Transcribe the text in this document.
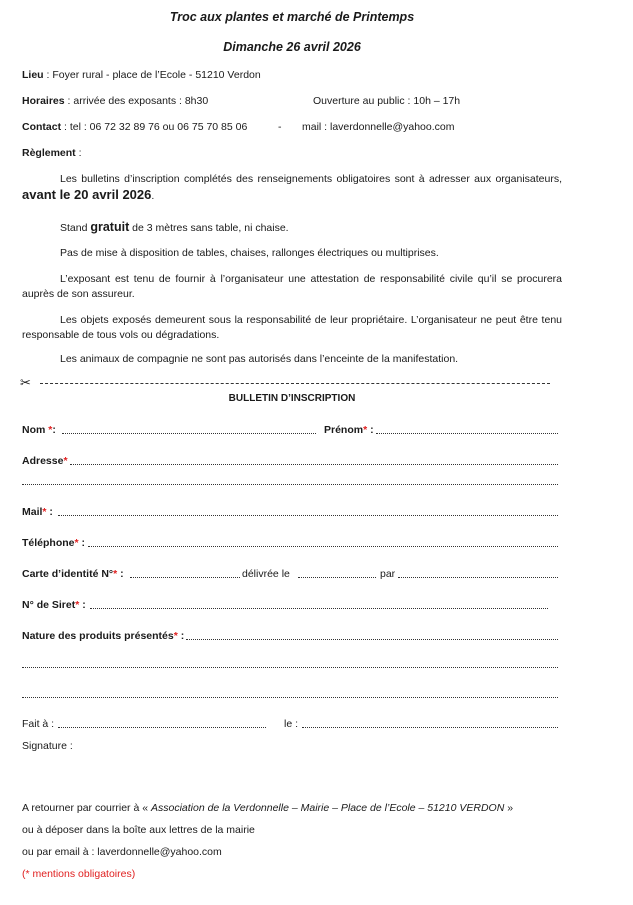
Troc aux plantes et marché de Printemps
Dimanche 26 avril 2026
Lieu : Foyer rural - place de l’Ecole - 51210 Verdon
Horaires : arrivée des exposants : 8h30	Ouverture au public : 10h – 17h
Contact : tel : 06 72 32 89 76 ou 06 75 70 85 06	- mail : laverdonnelle@yahoo.com
Règlement :
Les bulletins d’inscription complétés des renseignements obligatoires sont à adresser aux organisateurs, avant le 20 avril 2026.
Stand gratuit de 3 mètres sans table, ni chaise.
Pas de mise à disposition de tables, chaises, rallonges électriques ou multiprises.
L’exposant est tenu de fournir à l’organisateur une attestation de responsabilité civile qu’il se procurera auprès de son assureur.
Les objets exposés demeurent sous la responsabilité de leur propriétaire. L’organisateur ne peut être tenu responsable de tous vols ou dégradations.
Les animaux de compagnie ne sont pas autorisés dans l’enceinte de la manifestation.
✂
BULLETIN D’INSCRIPTION
Nom *:	Prénom* :
Adresse*
Mail* :
Téléphone* :
Carte d’identité N°* :	délivrée le	par
N° de Siret* :
Nature des produits présentés* :
Fait à :	le :
Signature :
A retourner par courrier à « Association de la Verdonnelle – Mairie – Place de l’Ecole – 51210 VERDON »
ou à déposer dans la boîte aux lettres de la mairie
ou par email à : laverdonnelle@yahoo.com
(* mentions obligatoires)
